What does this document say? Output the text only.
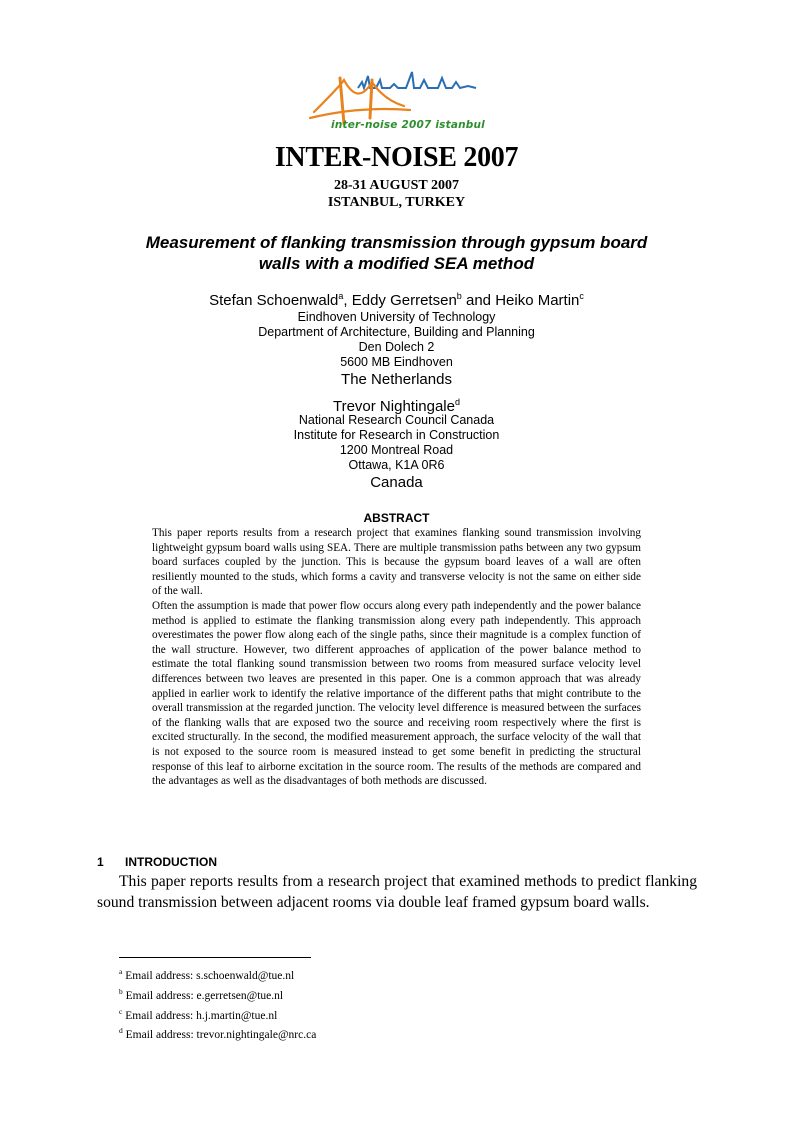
inter-noise 2007 istanbul
INTER-NOISE 2007
28-31 AUGUST 2007
ISTANBUL, TURKEY
Measurement of flanking transmission through gypsum board
walls with a modified SEA method
Stefan Schoenwald$^a$, Eddy Gerretsen$^b$ and Heiko Martin$^c$
Eindhoven University of Technology
Department of Architecture, Building and Planning
Den Dolech 2
5600 MB Eindhoven
The Netherlands
Trevor Nightingale$^d$
National Research Council Canada
Institute for Research in Construction
1200 Montreal Road
Ottawa, K1A 0R6
Canada
ABSTRACT
This paper reports results from a research project that examines flanking sound transmission involving lightweight gypsum board walls using SEA. There are multiple transmission paths between any two gypsum board surfaces coupled by the junction. This is because the gypsum board leaves of a wall are often resiliently mounted to the studs, which forms a cavity and transverse velocity is not the same on either side of the wall.
Often the assumption is made that power flow occurs along every path independently and the power balance method is applied to estimate the flanking transmission along every path independently. This approach overestimates the power flow along each of the single paths, since their magnitude is a complex function of the wall structure. However, two different approaches of application of the power balance method to estimate the total flanking sound transmission between two rooms from measured surface velocity level differences between two leaves are presented in this paper. One is a common approach that was already applied in earlier work to identify the relative importance of the different paths that might contribute to the overall transmission at the regarded junction. The velocity level difference is measured between the surfaces of the flanking walls that are exposed two the source and receiving room respectively where the first is excited structurally. In the second, the modified measurement approach, the surface velocity of the wall that is not exposed to the source room is measured instead to get some benefit in predicting the structural response of this leaf to airborne excitation in the source room. The results of the methods are compared and the advantages as well as the disadvantages of both methods are discussed.
1 INTRODUCTION
This paper reports results from a research project that examined methods to predict flanking sound transmission between adjacent rooms via double leaf framed gypsum board walls.
$^a$ Email address: s.schoenwald@tue.nl
$^b$ Email address: e.gerretsen@tue.nl
$^c$ Email address: h.j.martin@tue.nl
$^d$ Email address: trevor.nightingale@nrc.ca
